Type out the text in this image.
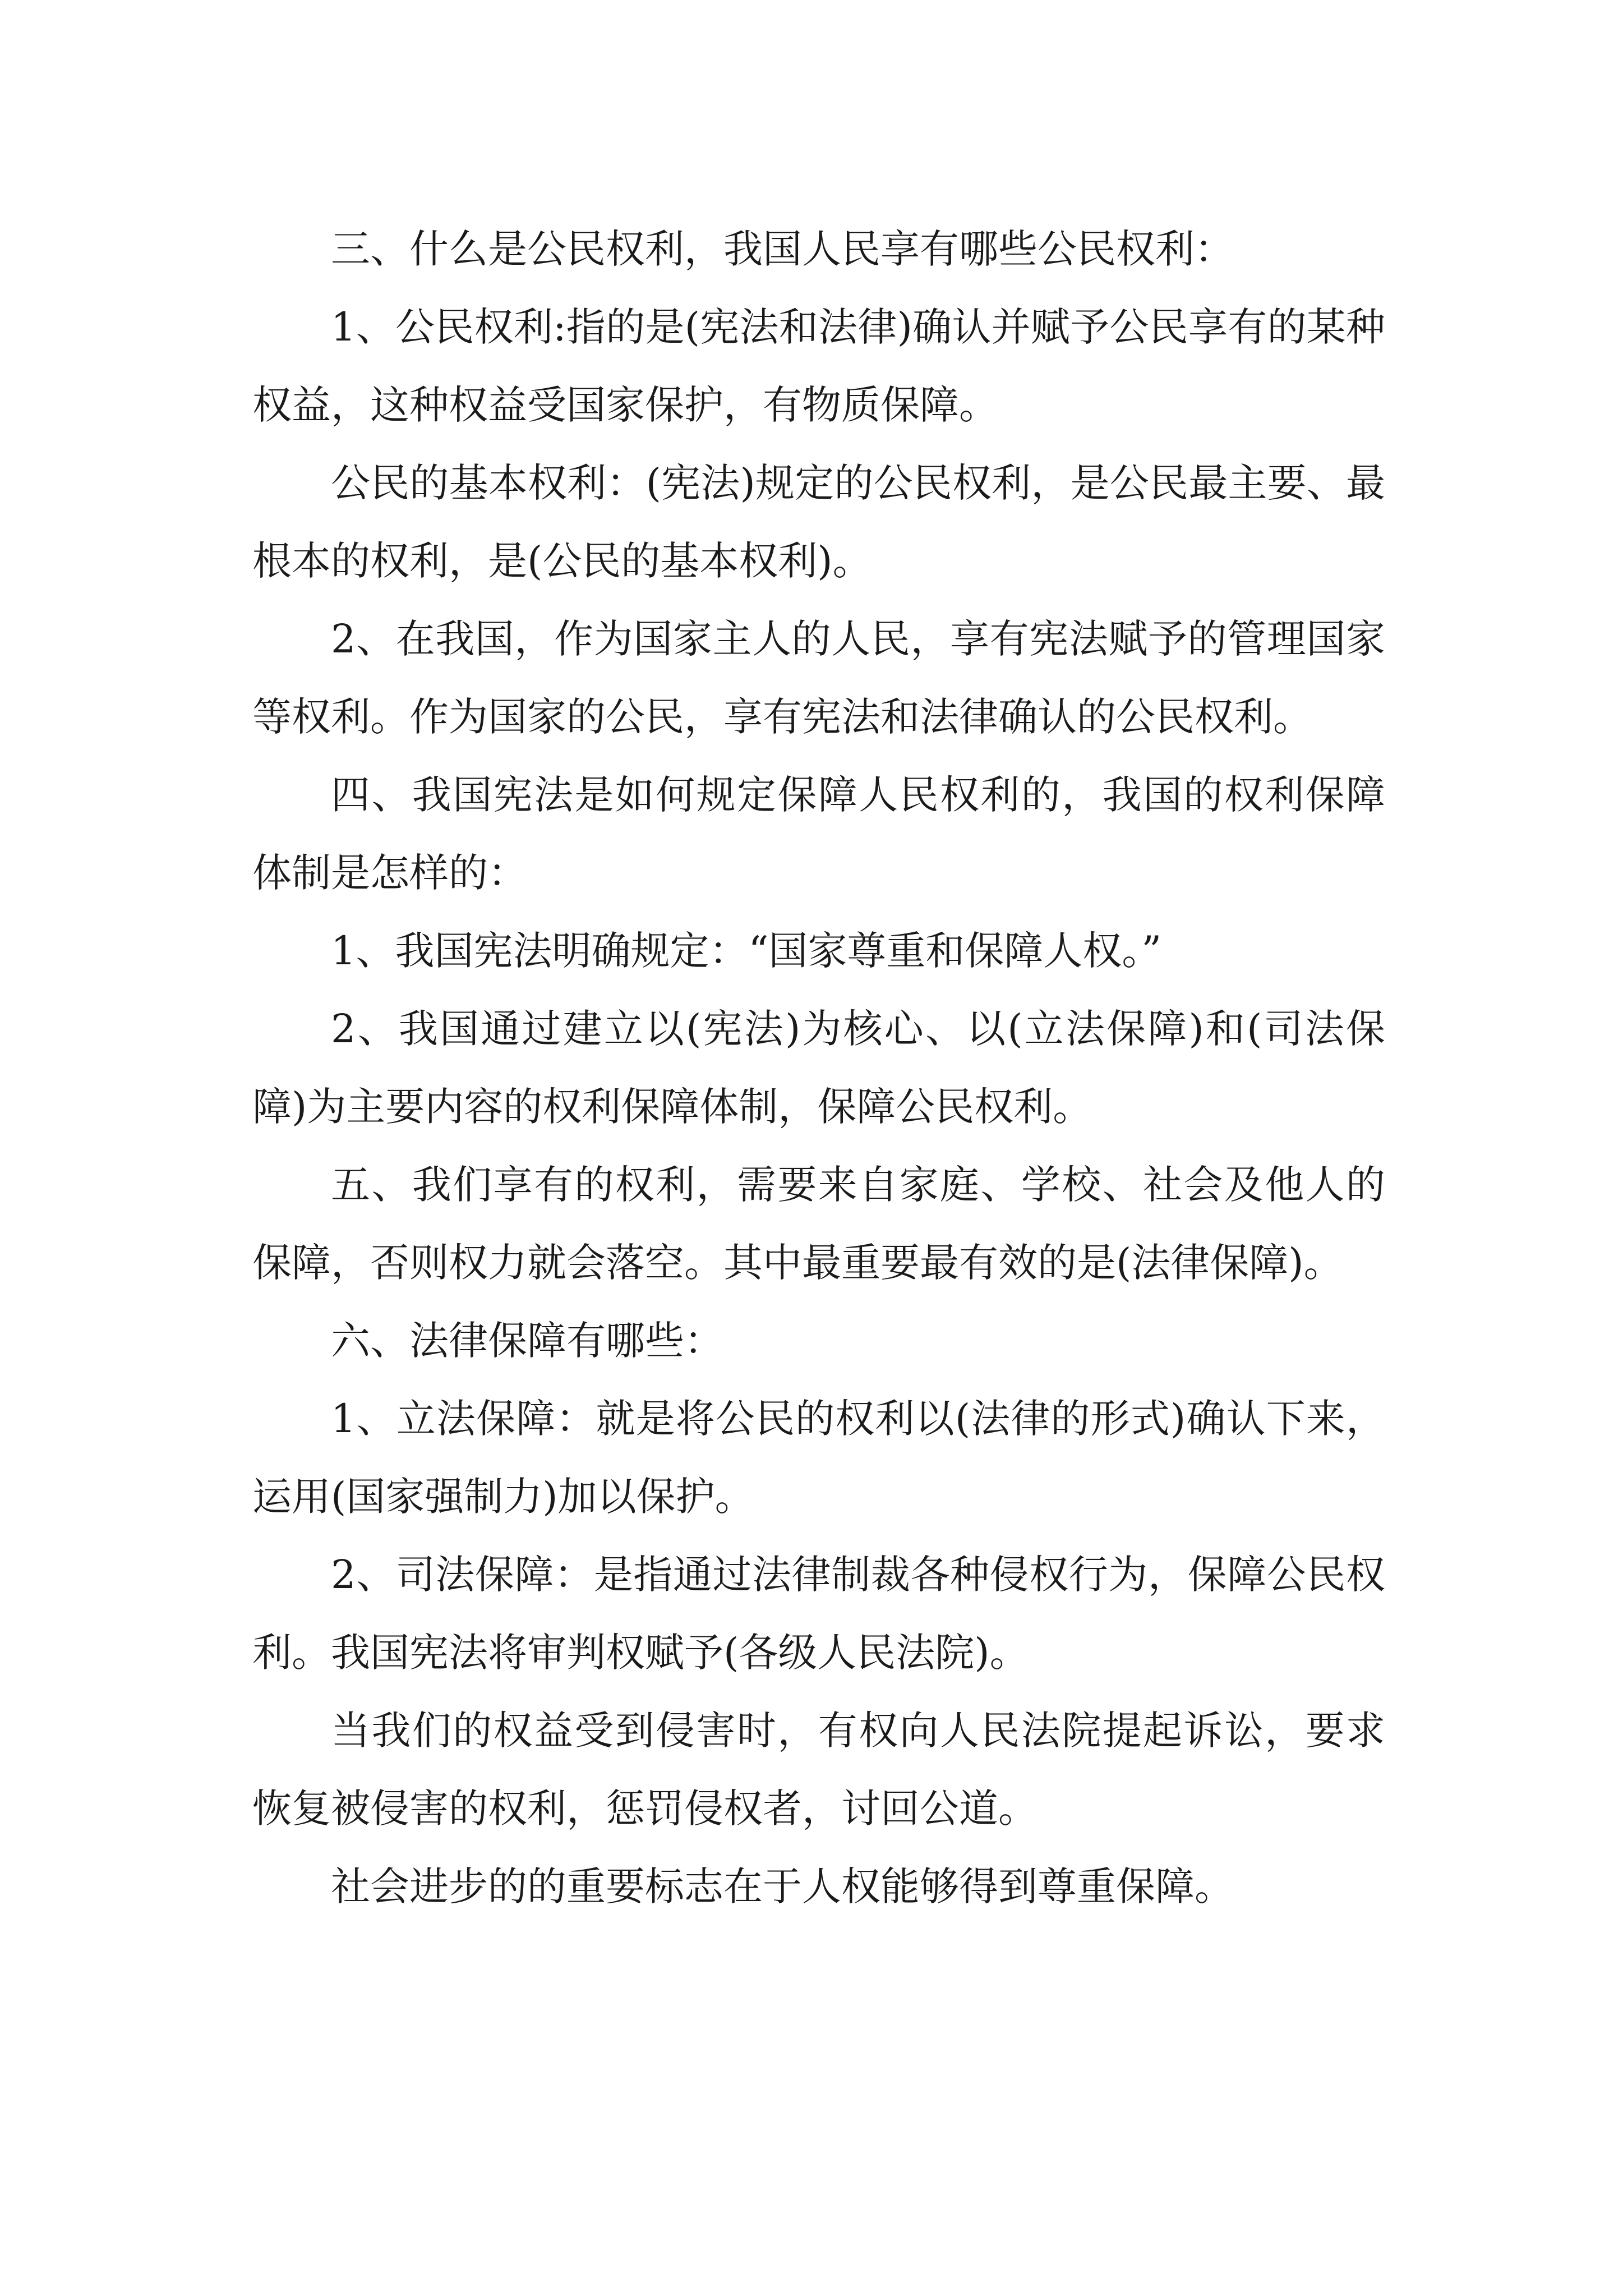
三、什么是公民权利，我国人民享有哪些公民权利：

1、公民权利:指的是(宪法和法律)确认并赋予公民享有的某种权益，这种权益受国家保护，有物质保障。

公民的基本权利：(宪法)规定的公民权利，是公民最主要、最根本的权利，是(公民的基本权利)。

2、在我国，作为国家主人的人民，享有宪法赋予的管理国家等权利。作为国家的公民，享有宪法和法律确认的公民权利。

四、我国宪法是如何规定保障人民权利的，我国的权利保障体制是怎样的：

1、我国宪法明确规定：“国家尊重和保障人权。”

2、我国通过建立以(宪法)为核心、以(立法保障)和(司法保障)为主要内容的权利保障体制，保障公民权利。

五、我们享有的权利，需要来自家庭、学校、社会及他人的保障，否则权力就会落空。其中最重要最有效的是(法律保障)。

六、法律保障有哪些：

1、立法保障：就是将公民的权利以(法律的形式)确认下来，运用(国家强制力)加以保护。

2、司法保障：是指通过法律制裁各种侵权行为，保障公民权利。我国宪法将审判权赋予(各级人民法院)。

当我们的权益受到侵害时，有权向人民法院提起诉讼，要求恢复被侵害的权利，惩罚侵权者，讨回公道。

社会进步的的重要标志在于人权能够得到尊重保障。
